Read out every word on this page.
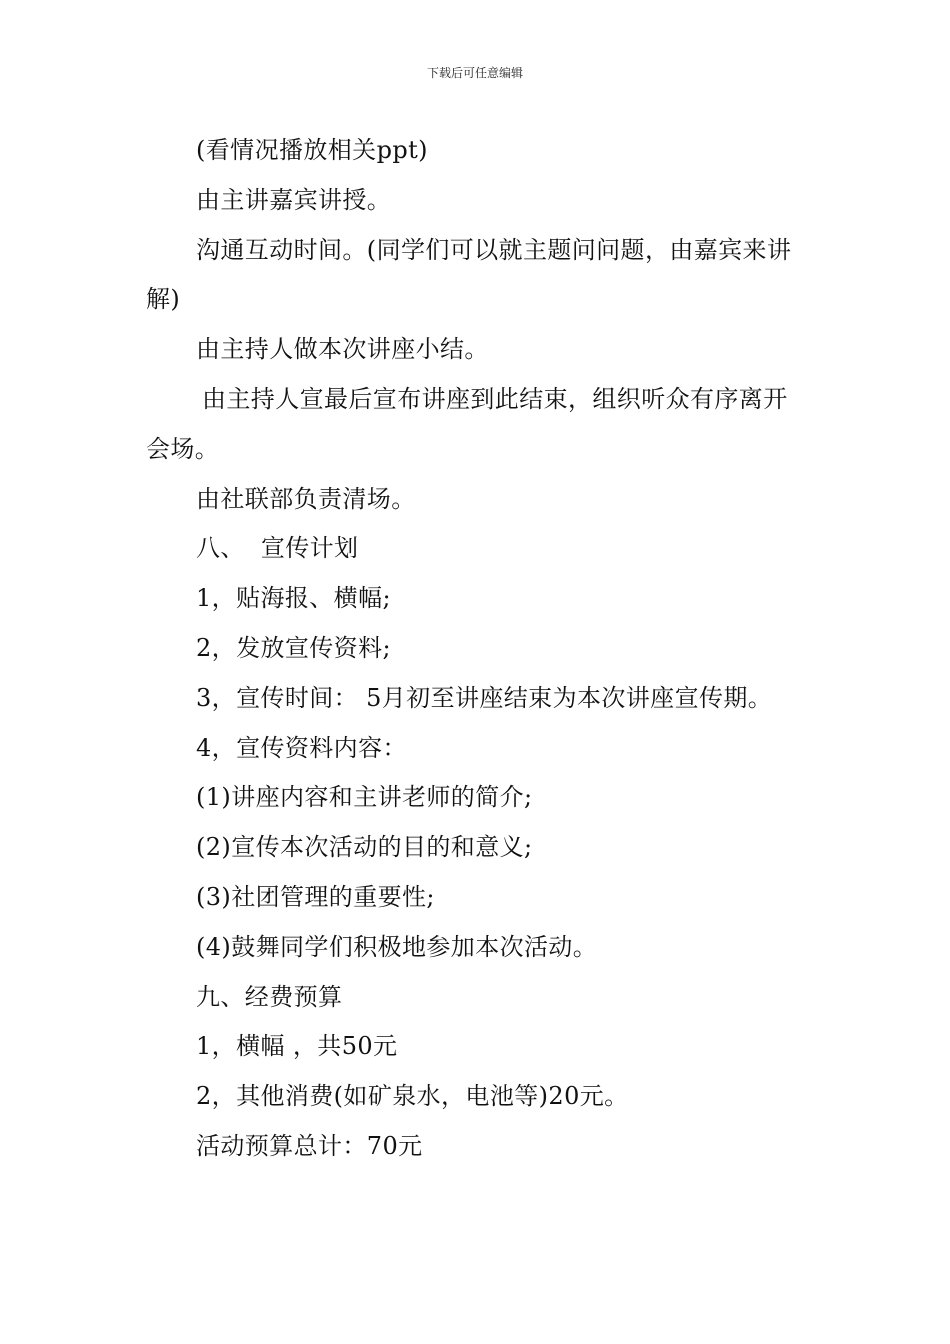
下载后可任意编辑

(看情况播放相关ppt)

由主讲嘉宾讲授。

沟通互动时间。(同学们可以就主题问问题，由嘉宾来讲解)

由主持人做本次讲座小结。

由主持人宣最后宣布讲座到此结束，组织听众有序离开会场。

由社联部负责清场。

八、  宣传计划

1，贴海报、横幅;

2，发放宣传资料;

3，宣传时间： 5月初至讲座结束为本次讲座宣传期。

4，宣传资料内容：

(1)讲座内容和主讲老师的简介;

(2)宣传本次活动的目的和意义;

(3)社团管理的重要性;

(4)鼓舞同学们积极地参加本次活动。

九、经费预算

1，横幅 ，共50元

2，其他消费(如矿泉水，电池等)20元。

活动预算总计：70元
